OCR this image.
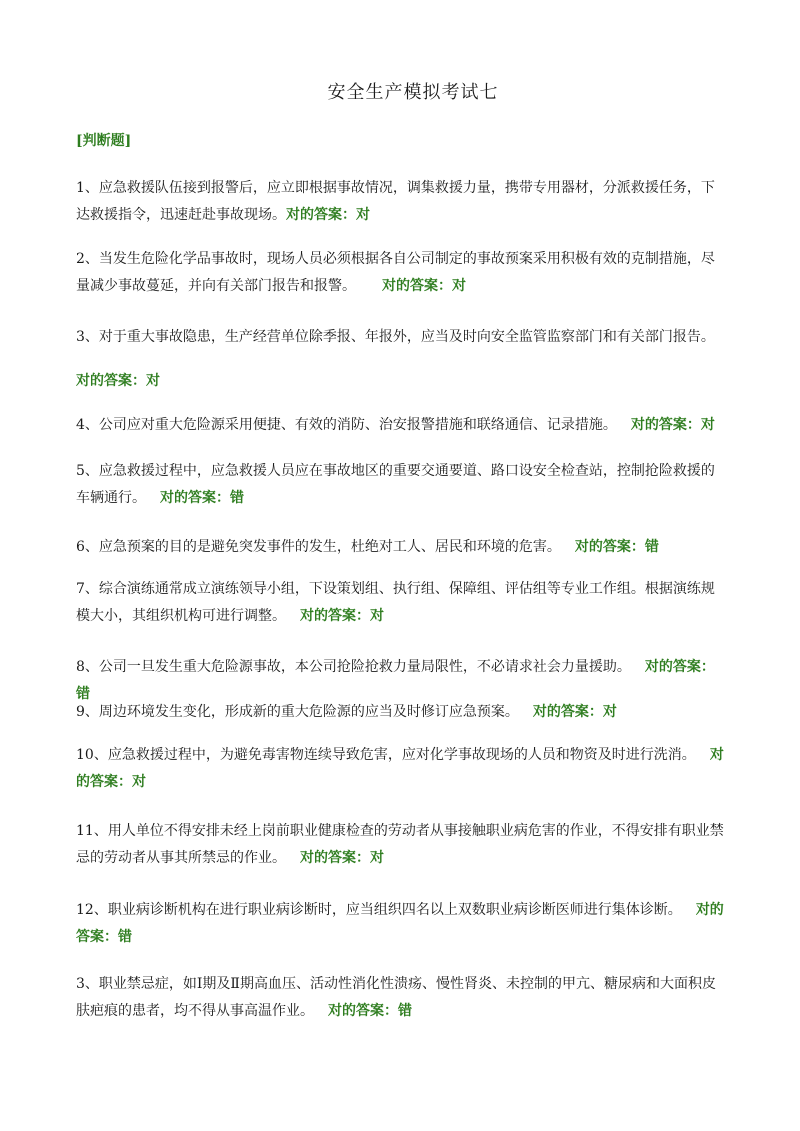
安全生产模拟考试七
[判断题]
1、应急救援队伍接到报警后，应立即根据事故情况，调集救援力量，携带专用器材，分派救援任务，下达救援指令，迅速赶赴事故现场。对的答案：对
2、当发生危险化学品事故时，现场人员必须根据各自公司制定的事故预案采用积极有效的克制措施，尽量减少事故蔓延，并向有关部门报告和报警。 对的答案：对
3、对于重大事故隐患，生产经营单位除季报、年报外，应当及时向安全监管监察部门和有关部门报告。
对的答案：对
4、公司应对重大危险源采用便捷、有效的消防、治安报警措施和联络通信、记录措施。 对的答案：对
5、应急救援过程中，应急救援人员应在事故地区的重要交通要道、路口设安全检查站，控制抢险救援的车辆通行。 对的答案：错
6、应急预案的目的是避免突发事件的发生，杜绝对工人、居民和环境的危害。 对的答案：错
7、综合演练通常成立演练领导小组，下设策划组、执行组、保障组、评估组等专业工作组。根据演练规模大小，其组织机构可进行调整。 对的答案：对
8、公司一旦发生重大危险源事故，本公司抢险抢救力量局限性，不必请求社会力量援助。 对的答案：错
9、周边环境发生变化，形成新的重大危险源的应当及时修订应急预案。 对的答案：对
10、应急救援过程中，为避免毒害物连续导致危害，应对化学事故现场的人员和物资及时进行洗消。 对的答案：对
11、用人单位不得安排未经上岗前职业健康检查的劳动者从事接触职业病危害的作业，不得安排有职业禁忌的劳动者从事其所禁忌的作业。 对的答案：对
12、职业病诊断机构在进行职业病诊断时，应当组织四名以上双数职业病诊断医师进行集体诊断。 对的答案：错
3、职业禁忌症，如Ⅰ期及Ⅱ期高血压、活动性消化性溃疡、慢性肾炎、未控制的甲亢、糖尿病和大面积皮肤疤痕的患者，均不得从事高温作业。 对的答案：错
